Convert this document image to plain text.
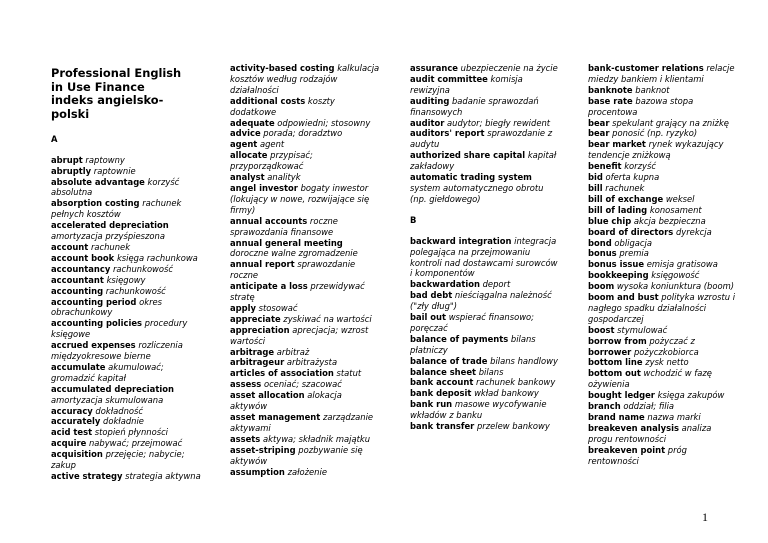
Professional English
in Use Finance
indeks angielsko-polski

A

abrupt raptowny

abruptly raptownie

absolute advantage korzyść absolutna

absorption costing rachunek pełnych kosztów

accelerated depreciation amortyzacja przyśpieszona

account rachunek

account book księga rachunkowa

accountancy rachunkowość

accountant księgowy

accounting rachunkowość

accounting period okres obrachunkowy

accounting policies procedury księgowe

accrued expenses rozliczenia międzyokresowe bierne

accumulate akumulować; gromadzić kapitał

accumulated depreciation amortyzacja skumulowana

accuracy dokładność

accurately dokładnie

acid test stopień płynności

acquire nabywać; przejmować

acquisition przejęcie; nabycie; zakup

active strategy strategia aktywna

activity-based costing kalkulacja kosztów według rodzajów działalności

additional costs koszty dodatkowe

adequate odpowiedni; stosowny

advice porada; doradztwo

agent agent

allocate przypisać; przyporządkować

analyst analityk

angel investor bogaty inwestor (lokujący w nowe, rozwijające się firmy)

annual accounts roczne sprawozdania finansowe

annual general meeting doroczne walne zgromadzenie

annual report sprawozdanie roczne

anticipate a loss przewidywać stratę

apply stosować

appreciate zyskiwać na wartości

appreciation aprecjacja; wzrost wartości

arbitrage arbitraż

arbitrageur arbitrażysta

articles of association statut

assess oceniać; szacować

asset allocation alokacja aktywów

asset management zarządzanie aktywami

assets aktywa; składnik majątku

asset-striping pozbywanie się aktywów

assumption założenie

assurance ubezpieczenie na życie

audit committee komisja rewizyjna

auditing badanie sprawozdań finansowych

auditor audytor; biegły rewident

auditors' report sprawozdanie z audytu

authorized share capital kapitał zakładowy

automatic trading system system automatycznego obrotu (np. giełdowego)

B

backward integration integracja polegająca na przejmowaniu kontroli nad dostawcami surowców i komponentów

backwardation deport

bad debt nieściągalna należność ("zły dług")

bail out wspierać finansowo; poręczać

balance of payments bilans płatniczy

balance of trade bilans handlowy

balance sheet bilans

bank account rachunek bankowy

bank deposit wkład bankowy

bank run masowe wycofywanie wkładów z banku

bank transfer przelew bankowy

bank-customer relations relacje miedzy bankiem i klientami

banknote banknot

base rate bazowa stopa procentowa

bear spekulant grający na zniżkę

bear ponosić (np. ryzyko)

bear market rynek wykazujący tendencje zniżkową

benefit korzyść

bid oferta kupna

bill rachunek

bill of exchange weksel

bill of lading konosament

blue chip akcja bezpieczna

board of directors dyrekcja

bond obligacja

bonus premia

bonus issue emisja gratisowa

bookkeeping księgowość

boom wysoka koniunktura (boom)

boom and bust polityka wzrostu i nagłego spadku działalności gospodarczej

boost stymulować

borrow from pożyczać z

borrower pożyczkobiorca

bottom line zysk netto

bottom out wchodzić w fazę ożywienia

bought ledger księga zakupów

branch oddział; filia

brand name nazwa marki

breakeven analysis analiza progu rentowności

breakeven point próg rentowności

1
